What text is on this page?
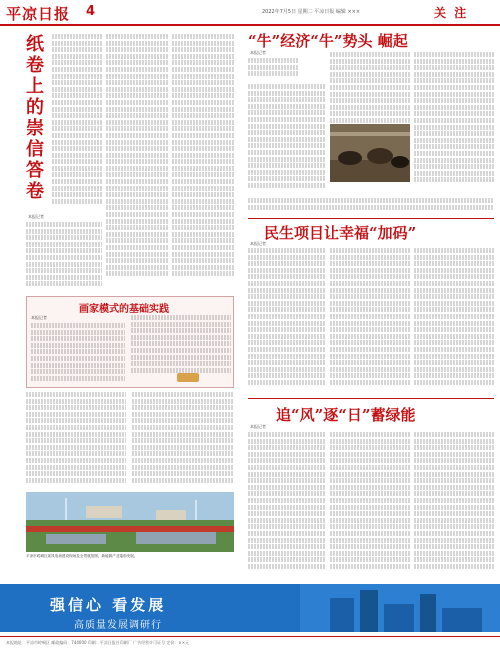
平凉日报 4	2022年7月5日 星期二 平凉日报 编辑 ×××	关 注
纸
卷
上
的
崇
信
答
卷
本报记者
画家模式的基础实践
本报记者
平凉市崆峒区某风电场建设现场及全景航拍图，新能源产业蓬勃发展。
“牛”经济“牛”势头 崛起
本报记者
民生项目让幸福“加码”
本报记者
追“风”逐“日”蓄绿能
本报记者
强信心 看发展
高质量发展调研行
本报地址：平凉市崆峒区 邮政编码：744000 印刷：平凉日报社印刷厂 广告经营许可证号 定价：××元
